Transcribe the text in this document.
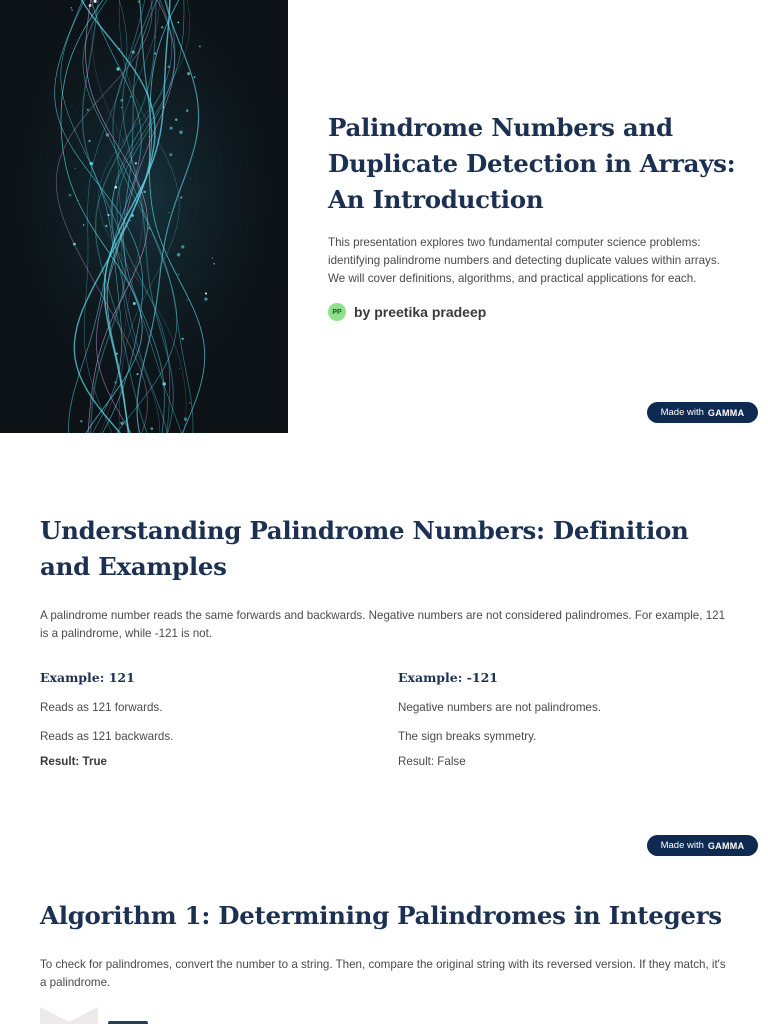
Palindrome Numbers and Duplicate Detection in Arrays: An Introduction
This presentation explores two fundamental computer science problems: identifying palindrome numbers and detecting duplicate values within arrays. We will cover definitions, algorithms, and practical applications for each.
PP by preetika pradeep
Made with GAMMA
Understanding Palindrome Numbers: Definition and Examples
A palindrome number reads the same forwards and backwards. Negative numbers are not considered palindromes. For example, 121 is a palindrome, while -121 is not.
Example: 121
Reads as 121 forwards.
Reads as 121 backwards.
Result: True
Example: -121
Negative numbers are not palindromes.
The sign breaks symmetry.
Result: False
Made with GAMMA
Algorithm 1: Determining Palindromes in Integers
To check for palindromes, convert the number to a string. Then, compare the original string with its reversed version. If they match, it's a palindrome.
